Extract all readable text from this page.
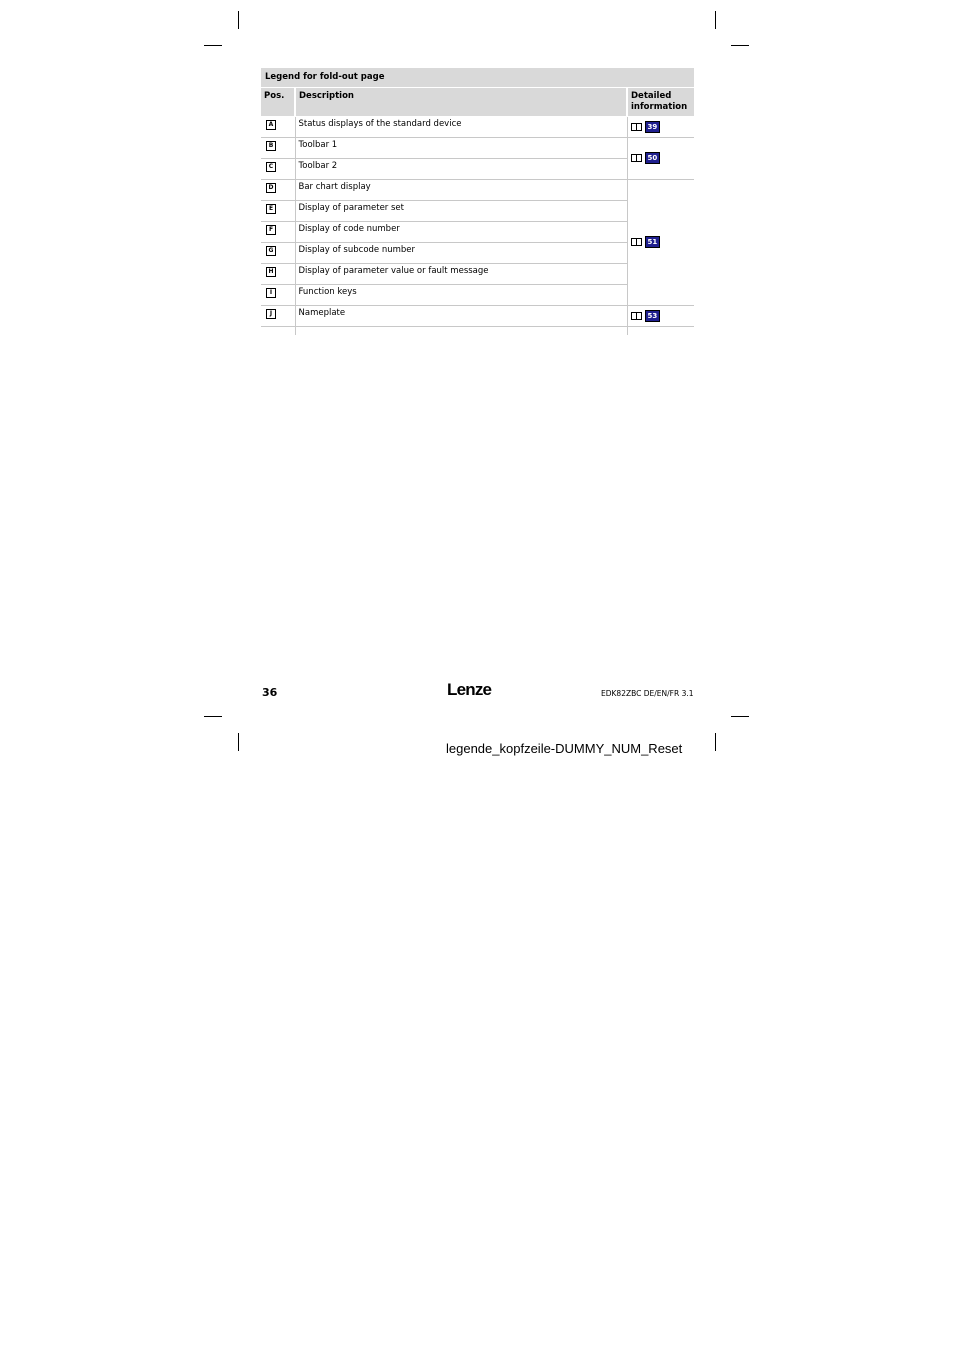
Legend for fold-out page
Pos.	Description	Detailed
information
A	Status displays of the standard device	39
B	Toolbar 1	50
C	Toolbar 2	
D	Bar chart display	51
E	Display of parameter set	
F	Display of code number	
G	Display of subcode number	
H	Display of parameter value or fault message	
I	Function keys	
J	Nameplate	53

36	Lenze	EDK82ZBC DE/EN/FR 3.1
legende_kopfzeile-DUMMY_NUM_Reset
